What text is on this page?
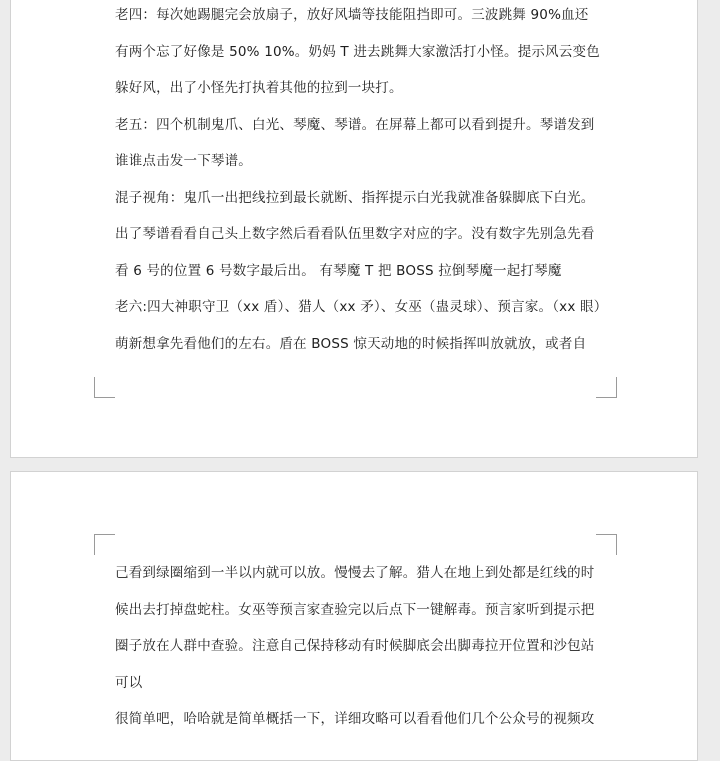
老四：每次她踢腿完会放扇子，放好风墙等技能阻挡即可。三波跳舞 90%血还
有两个忘了好像是 50% 10%。奶妈 T 进去跳舞大家激活打小怪。提示风云变色
躲好风，出了小怪先打执着其他的拉到一块打。
老五：四个机制鬼爪、白光、琴魔、琴谱。在屏幕上都可以看到提升。琴谱发到
谁谁点击发一下琴谱。
混子视角：鬼爪一出把线拉到最长就断、指挥提示白光我就准备躲脚底下白光。
出了琴谱看看自己头上数字然后看看队伍里数字对应的字。没有数字先别急先看
看 6 号的位置 6 号数字最后出。 有琴魔 T 把 BOSS 拉倒琴魔一起打琴魔
老六:四大神职守卫（xx 盾）、猎人（xx 矛）、女巫（蛊灵球）、预言家。（xx 眼）
萌新想拿先看他们的左右。盾在 BOSS 惊天动地的时候指挥叫放就放，或者自
己看到绿圈缩到一半以内就可以放。慢慢去了解。猎人在地上到处都是红线的时
候出去打掉盘蛇柱。女巫等预言家查验完以后点下一键解毒。预言家听到提示把
圈子放在人群中查验。注意自己保持移动有时候脚底会出脚毒拉开位置和沙包站
可以
很简单吧，哈哈就是简单概括一下，详细攻略可以看看他们几个公众号的视频攻
